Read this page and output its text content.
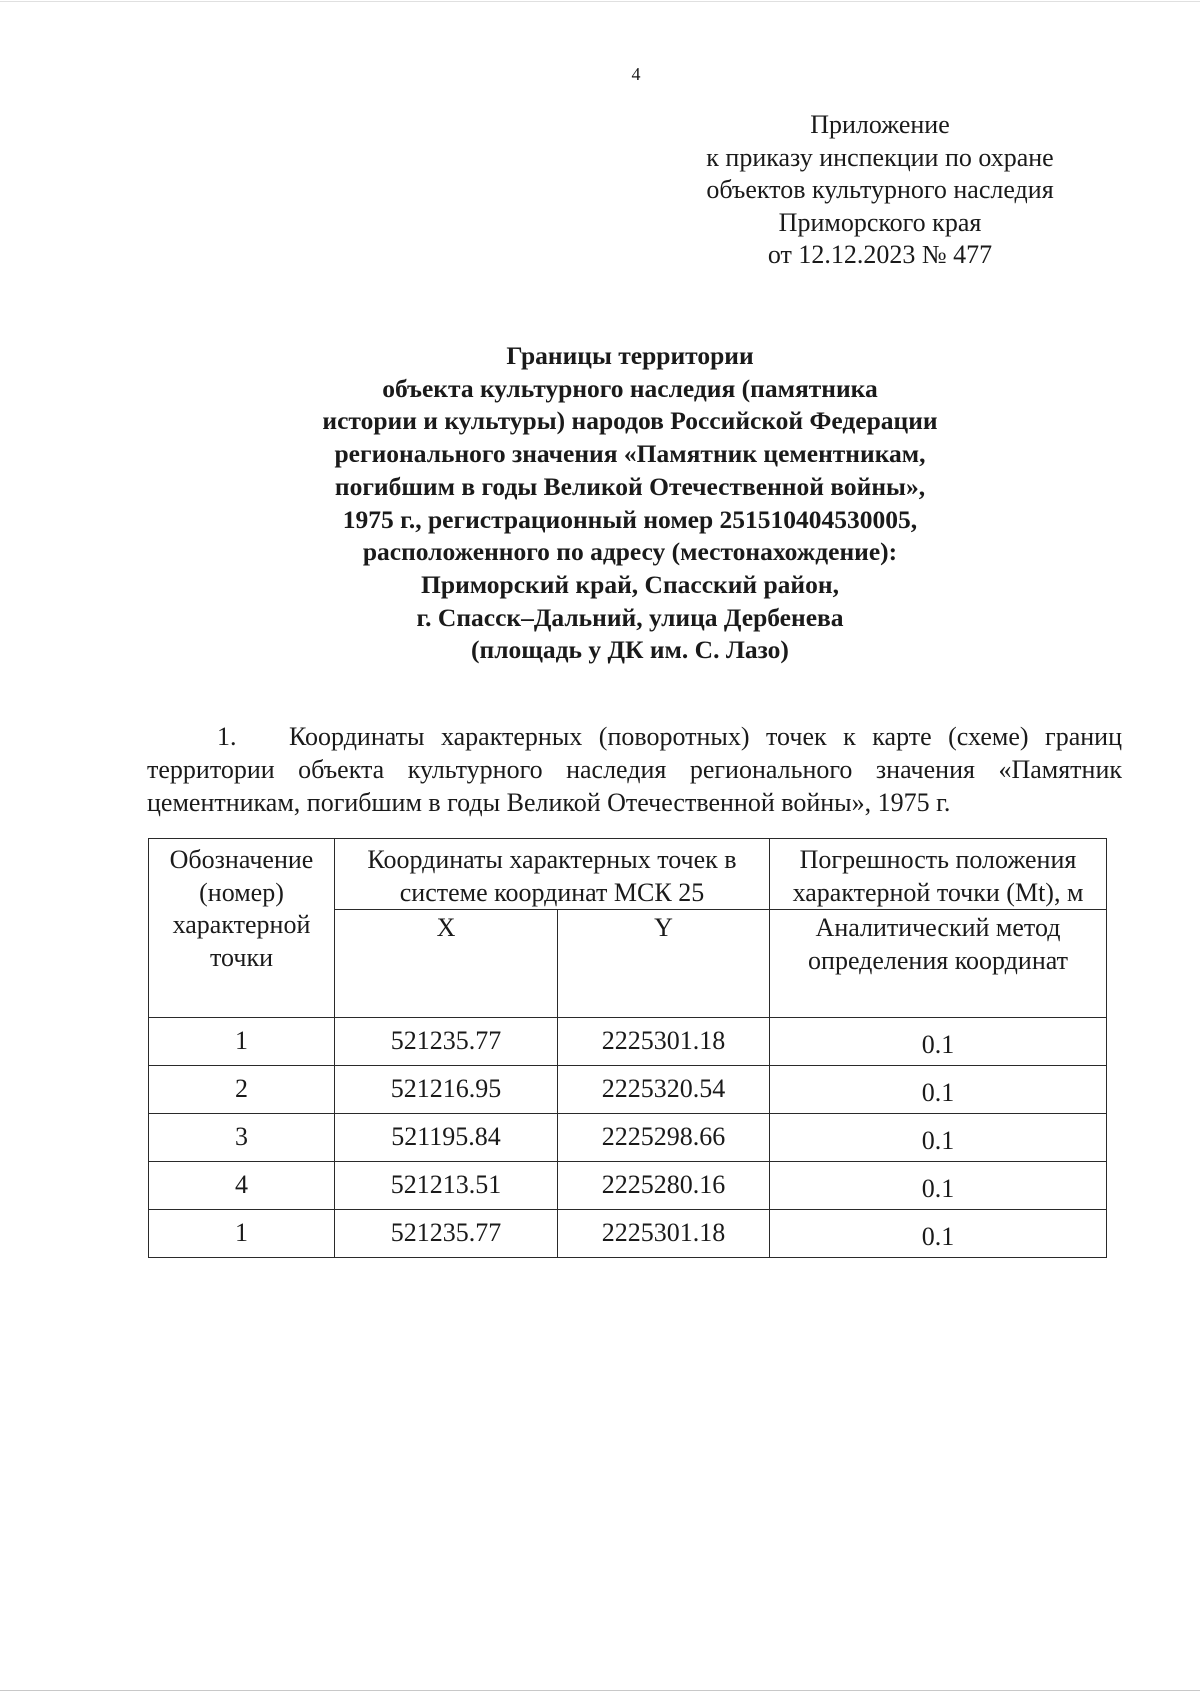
4
Приложение
к приказу инспекции по охране
объектов культурного наследия
Приморского края
от 12.12.2023 № 477
Границы территории
объекта культурного наследия (памятника
истории и культуры) народов Российской Федерации
регионального значения «Памятник цементникам,
погибшим в годы Великой Отечественной войны»,
1975 г., регистрационный номер 251510404530005,
расположенного по адресу (местонахождение):
Приморский край, Спасский район,
г. Спасск–Дальний, улица Дербенева
(площадь у ДК им. С. Лазо)
1. Координаты характерных (поворотных) точек к карте (схеме) границ территории объекта культурного наследия регионального значения «Памятник цементникам, погибшим в годы Великой Отечественной войны», 1975 г.
Обозначение (номер) характерной точки	Координаты характерных точек в системе координат МСК 25		Погрешность положения характерной точки (Mt), м
	X	Y	Аналитический метод определения координат
1	521235.77	2225301.18	0.1
2	521216.95	2225320.54	0.1
3	521195.84	2225298.66	0.1
4	521213.51	2225280.16	0.1
1	521235.77	2225301.18	0.1
